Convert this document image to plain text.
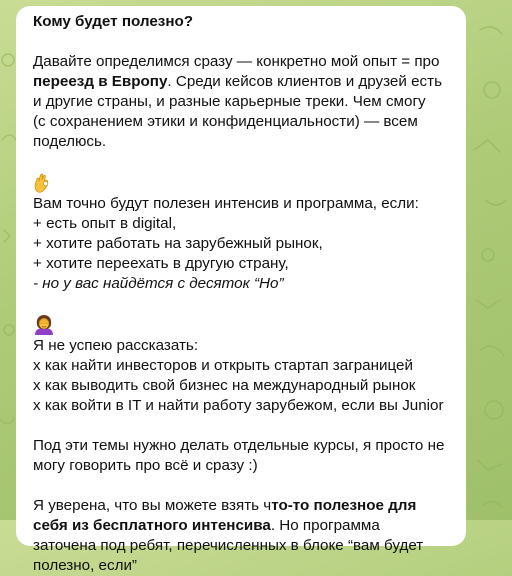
Кому будет полезно?

Давайте определимся сразу — конкретно мой опыт = про
переезд в Европу. Среди кейсов клиентов и друзей есть
и другие страны, и разные карьерные треки. Чем смогу
(с сохранением этики и конфиденциальности) — всем
поделюсь.

Вам точно будут полезен интенсив и программа, если:
+ есть опыт в digital,
+ хотите работать на зарубежный рынок,
+ хотите переехать в другую страну,
- но у вас найдётся с десяток “Но”

Я не успею рассказать:
х как найти инвесторов и открыть стартап заграницей
х как выводить свой бизнес на международный рынок
х как войти в IT и найти работу зарубежом, если вы Junior

Под эти темы нужно делать отдельные курсы, я просто не
могу говорить про всё и сразу :)

Я уверена, что вы можете взять что-то полезное для
себя из бесплатного интенсива. Но программа
заточена под ребят, перечисленных в блоке “вам будет
полезно, если”
